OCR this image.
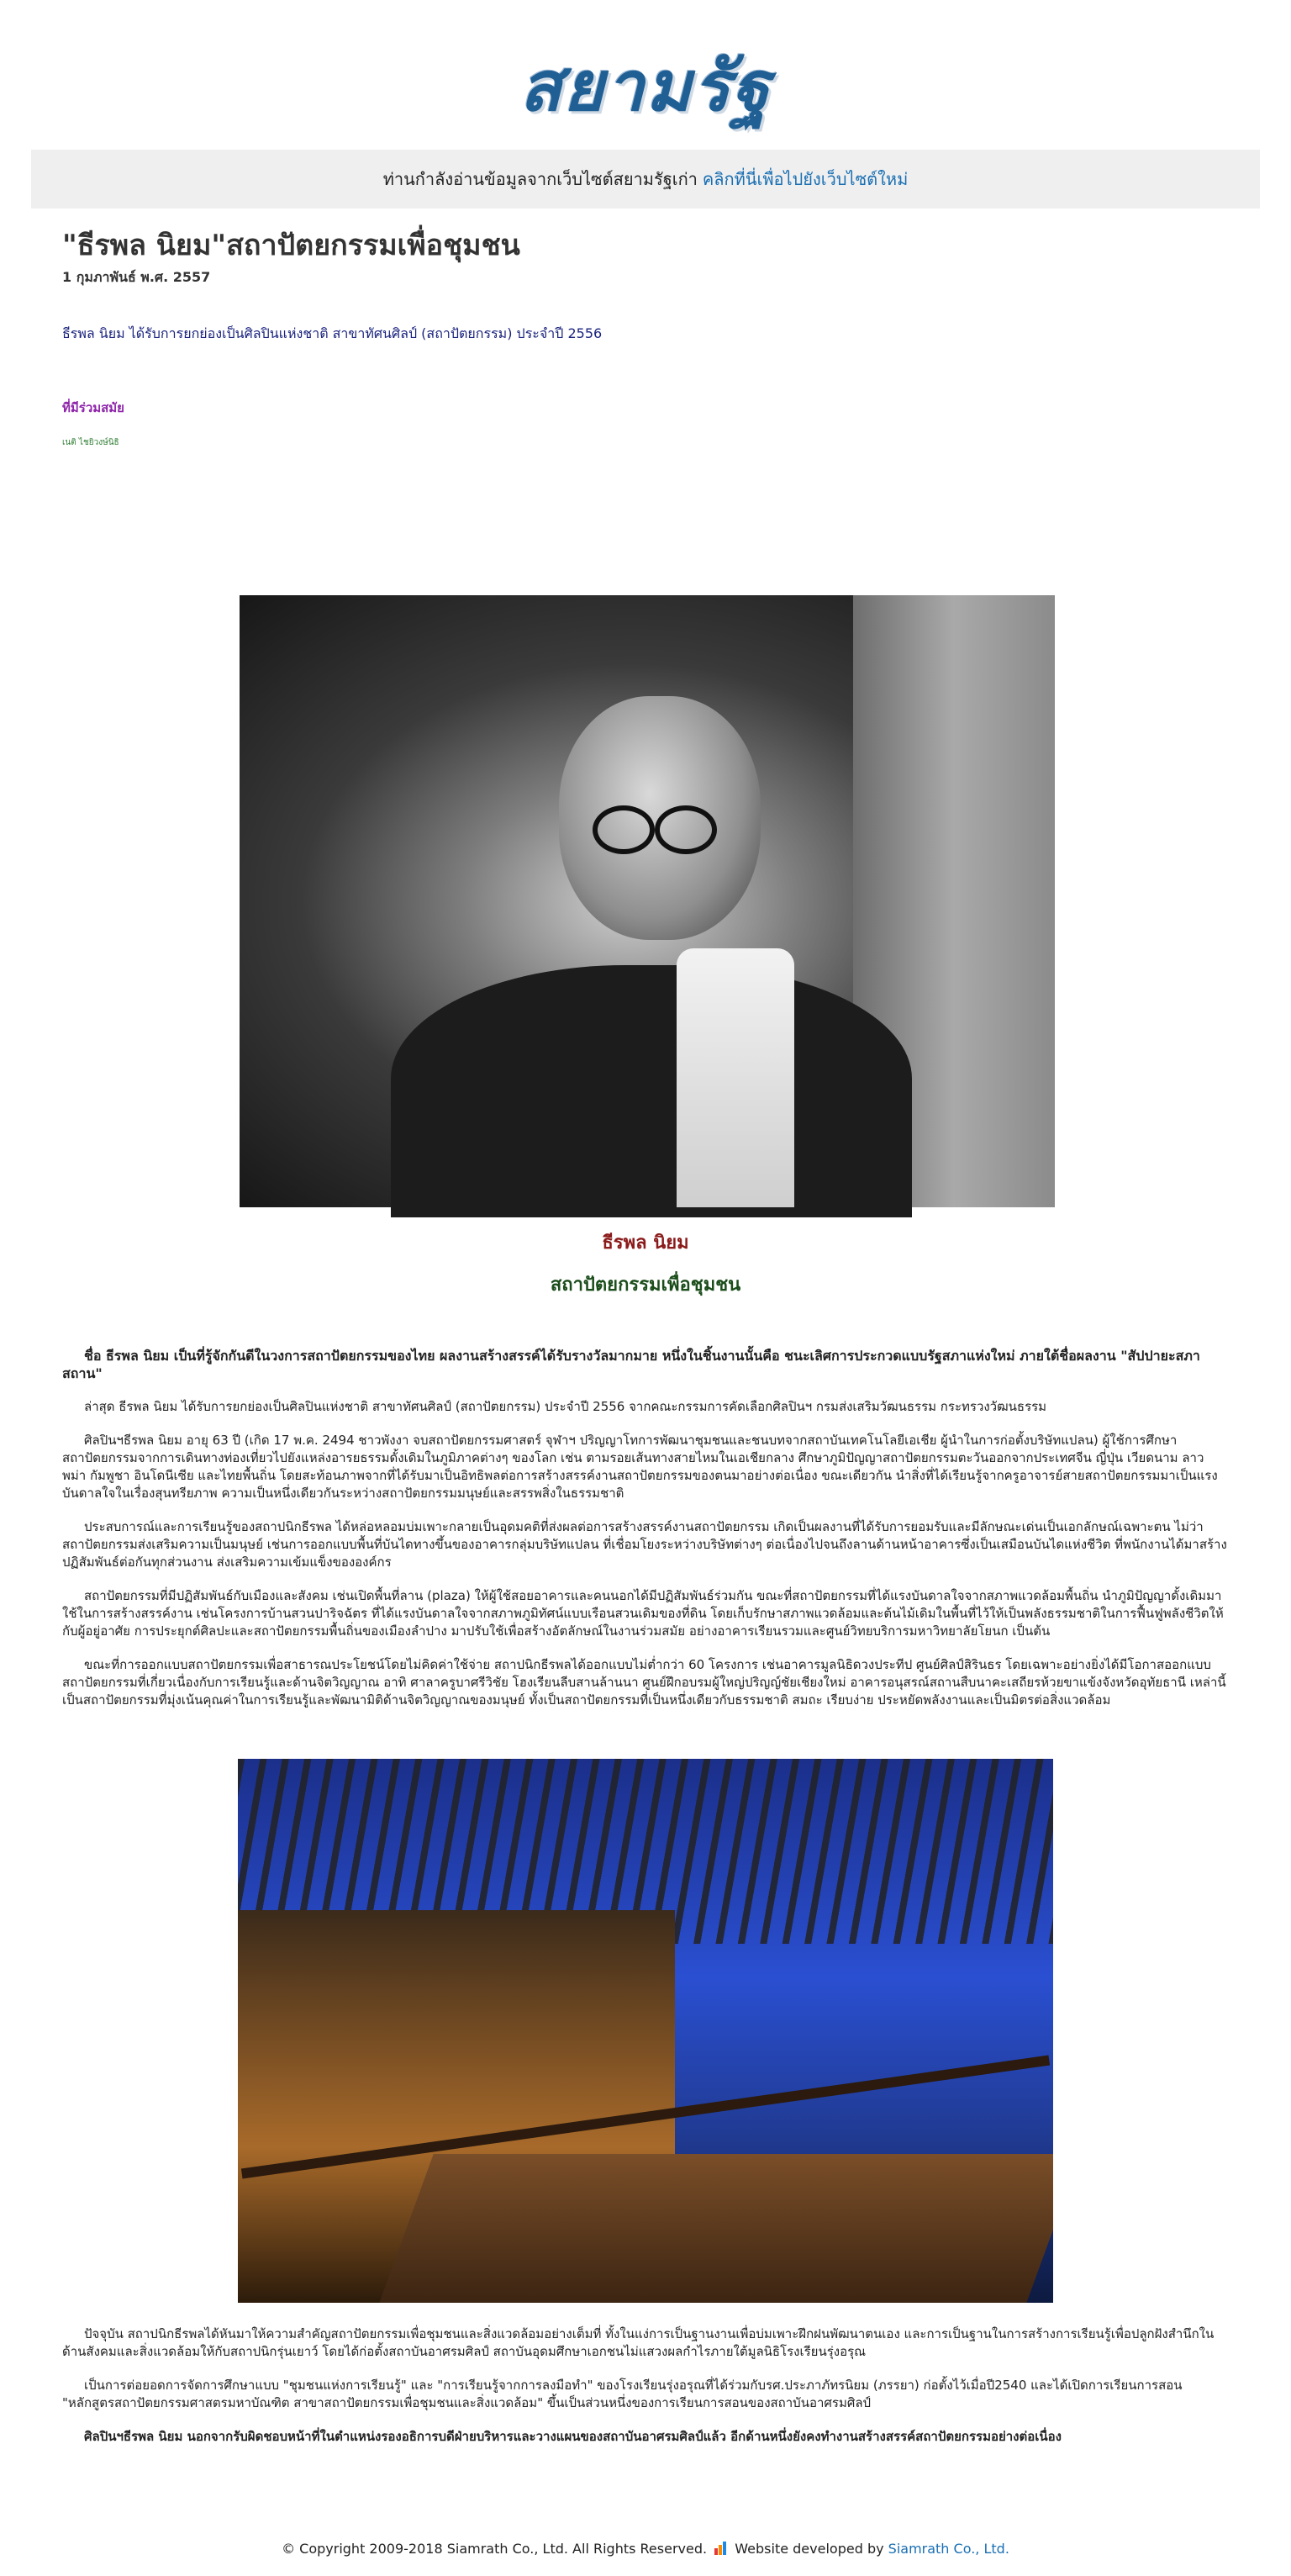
สยามรัฐ
ท่านกำลังอ่านข้อมูลจากเว็บไซต์สยามรัฐเก่า คลิกที่นี่เพื่อไปยังเว็บไซต์ใหม่
"ธีรพล นิยม"สถาปัตยกรรมเพื่อชุมชน
1 กุมภาพันธ์ พ.ศ. 2557
ธีรพล นิยม ได้รับการยกย่องเป็นศิลปินแห่งชาติ สาขาทัศนศิลป์ (สถาปัตยกรรม) ประจำปี 2556
ที่มีร่วมสมัย
เนติ ไชยิวงษ์นิธิ
ธีรพล นิยม
สถาปัตยกรรมเพื่อชุมชน

ชื่อ ธีรพล นิยม เป็นที่รู้จักกันดีในวงการสถาปัตยกรรมของไทย ผลงานสร้างสรรค์ได้รับรางวัลมากมาย หนึ่งในชิ้นงานนั้นคือ ชนะเลิศการประกวดแบบรัฐสภาแห่งใหม่ ภายใต้ชื่อผลงาน "สัปปายะสภาสถาน"

ล่าสุด ธีรพล นิยม ได้รับการยกย่องเป็นศิลปินแห่งชาติ สาขาทัศนศิลป์ (สถาปัตยกรรม) ประจำปี 2556 จากคณะกรรมการคัดเลือกศิลปินฯ กรมส่งเสริมวัฒนธรรม กระทรวงวัฒนธรรม

ศิลปินฯธีรพล นิยม อายุ 63 ปี (เกิด 17 พ.ค. 2494 ชาวพังงา จบสถาปัตยกรรมศาสตร์ จุฬาฯ ปริญญาโทการพัฒนาชุมชนและชนบทจากสถาบันเทคโนโลยีเอเชีย ผู้นำในการก่อตั้งบริษัทแปลน) ผู้ใช้การศึกษาสถาปัตยกรรมจากการเดินทางท่องเที่ยวไปยังแหล่งอารยธรรมดั้งเดิมในภูมิภาคต่างๆ ของโลก เช่น ตามรอยเส้นทางสายไหมในเอเชียกลาง ศึกษาภูมิปัญญาสถาปัตยกรรมตะวันออกจากประเทศจีน ญี่ปุ่น เวียดนาม ลาว พม่า กัมพูชา อินโดนีเซีย และไทยพื้นถิ่น โดยสะท้อนภาพจากที่ได้รับมาเป็นอิทธิพลต่อการสร้างสรรค์งานสถาปัตยกรรมของตนมาอย่างต่อเนื่อง ขณะเดียวกัน นำสิ่งที่ได้เรียนรู้จากครูอาจารย์สายสถาปัตยกรรมมาเป็นแรงบันดาลใจในเรื่องสุนทรียภาพ ความเป็นหนึ่งเดียวกันระหว่างสถาปัตยกรรมมนุษย์และสรรพสิ่งในธรรมชาติ

ประสบการณ์และการเรียนรู้ของสถาปนิกธีรพล ได้หล่อหลอมบ่มเพาะกลายเป็นอุดมคติที่ส่งผลต่อการสร้างสรรค์งานสถาปัตยกรรม เกิดเป็นผลงานที่ได้รับการยอมรับและมีลักษณะเด่นเป็นเอกลักษณ์เฉพาะตน ไม่ว่าสถาปัตยกรรมส่งเสริมความเป็นมนุษย์ เช่นการออกแบบพื้นที่บันไดทางขึ้นของอาคารกลุ่มบริษัทแปลน ที่เชื่อมโยงระหว่างบริษัทต่างๆ ต่อเนื่องไปจนถึงลานด้านหน้าอาคารซึ่งเป็นเสมือนบันไดแห่งชีวิต ที่พนักงานได้มาสร้างปฏิสัมพันธ์ต่อกันทุกส่วนงาน ส่งเสริมความเข้มแข็งขององค์กร

สถาปัตยกรรมที่มีปฏิสัมพันธ์กับเมืองและสังคม เช่นเปิดพื้นที่ลาน (plaza) ให้ผู้ใช้สอยอาคารและคนนอกได้มีปฏิสัมพันธ์ร่วมกัน ขณะที่สถาปัตยกรรมที่ได้แรงบันดาลใจจากสภาพแวดล้อมพื้นถิ่น นำภูมิปัญญาดั้งเดิมมาใช้ในการสร้างสรรค์งาน เช่นโครงการบ้านสวนปาริจฉัตร ที่ได้แรงบันดาลใจจากสภาพภูมิทัศน์แบบเรือนสวนเดิมของที่ดิน โดยเก็บรักษาสภาพแวดล้อมและต้นไม้เดิมในพื้นที่ไว้ให้เป็นพลังธรรมชาติในการฟื้นฟูพลังชีวิตให้กับผู้อยู่อาศัย การประยุกต์ศิลปะและสถาปัตยกรรมพื้นถิ่นของเมืองลำปาง มาปรับใช้เพื่อสร้างอัตลักษณ์ในงานร่วมสมัย อย่างอาคารเรียนรวมและศูนย์วิทยบริการมหาวิทยาลัยโยนก เป็นต้น

ขณะที่การออกแบบสถาปัตยกรรมเพื่อสาธารณประโยชน์โดยไม่คิดค่าใช้จ่าย สถาปนิกธีรพลได้ออกแบบไม่ต่ำกว่า 60 โครงการ เช่นอาคารมูลนิธิดวงประทีป ศูนย์ศิลป์สิรินธร โดยเฉพาะอย่างยิ่งได้มีโอกาสออกแบบสถาปัตยกรรมที่เกี่ยวเนื่องกับการเรียนรู้และด้านจิตวิญญาณ อาทิ ศาลาครูบาศรีวิชัย โฮงเรียนลีบสานล้านนา ศูนย์ฝึกอบรมผู้ใหญ่ปริญญ์ชัยเชียงใหม่ อาคารอนุสรณ์สถานสืบนาคะเสถียรห้วยขาแข้งจังหวัดอุทัยธานี เหล่านี้เป็นสถาปัตยกรรมที่มุ่งเน้นคุณค่าในการเรียนรู้และพัฒนามิติด้านจิตวิญญาณของมนุษย์ ทั้งเป็นสถาปัตยกรรมที่เป็นหนึ่งเดียวกับธรรมชาติ สมถะ เรียบง่าย ประหยัดพลังงานและเป็นมิตรต่อสิ่งแวดล้อม

ปัจจุบัน สถาปนิกธีรพลได้หันมาให้ความสำคัญสถาปัตยกรรมเพื่อชุมชนและสิ่งแวดล้อมอย่างเต็มที่ ทั้งในแง่การเป็นฐานงานเพื่อบ่มเพาะฝึกฝนพัฒนาตนเอง และการเป็นฐานในการสร้างการเรียนรู้เพื่อปลูกฝังสำนึกในด้านสังคมและสิ่งแวดล้อมให้กับสถาปนิกรุ่นเยาว์ โดยได้ก่อตั้งสถาบันอาศรมศิลป์ สถาบันอุดมศึกษาเอกชนไม่แสวงผลกำไรภายใต้มูลนิธิโรงเรียนรุ่งอรุณ

เป็นการต่อยอดการจัดการศึกษาแบบ "ชุมชนแห่งการเรียนรู้" และ "การเรียนรู้จากการลงมือทำ" ของโรงเรียนรุ่งอรุณที่ได้ร่วมกับรศ.ประภาภัทรนิยม (ภรรยา) ก่อตั้งไว้เมื่อปี2540 และได้เปิดการเรียนการสอน "หลักสูตรสถาปัตยกรรมศาสตรมหาบัณฑิต สาขาสถาปัตยกรรมเพื่อชุมชนและสิ่งแวดล้อม" ขึ้นเป็นส่วนหนึ่งของการเรียนการสอนของสถาบันอาศรมศิลป์

ศิลปินฯธีรพล นิยม นอกจากรับผิดชอบหน้าที่ในตำแหน่งรองอธิการบดีฝ่ายบริหารและวางแผนของสถาบันอาศรมศิลป์แล้ว อีกด้านหนึ่งยังคงทำงานสร้างสรรค์สถาปัตยกรรมอย่างต่อเนื่อง

© Copyright 2009-2018 Siamrath Co., Ltd. All Rights Reserved. Website developed by Siamrath Co., Ltd.
